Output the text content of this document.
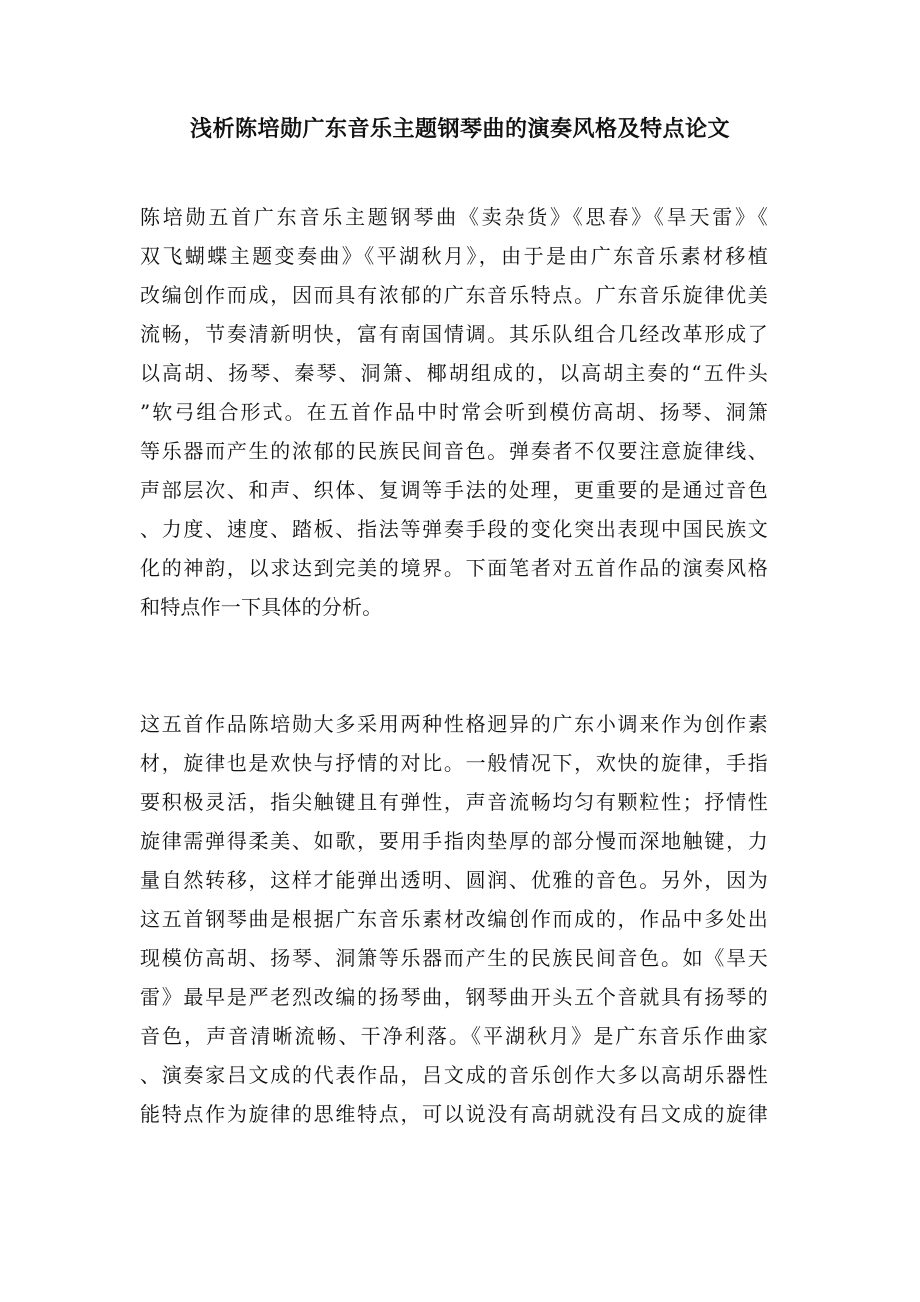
浅析陈培勋广东音乐主题钢琴曲的演奏风格及特点论文

陈培勋五首广东音乐主题钢琴曲《卖杂货》《思春》《旱天雷》《
双飞蝴蝶主题变奏曲》《平湖秋月》，由于是由广东音乐素材移植
改编创作而成，因而具有浓郁的广东音乐特点。广东音乐旋律优美
流畅，节奏清新明快，富有南国情调。其乐队组合几经改革形成了
以高胡、扬琴、秦琴、洞箫、椰胡组成的，以高胡主奏的“五件头
”软弓组合形式。在五首作品中时常会听到模仿高胡、扬琴、洞箫
等乐器而产生的浓郁的民族民间音色。弹奏者不仅要注意旋律线、
声部层次、和声、织体、复调等手法的处理，更重要的是通过音色
、力度、速度、踏板、指法等弹奏手段的变化突出表现中国民族文
化的神韵，以求达到完美的境界。下面笔者对五首作品的演奏风格
和特点作一下具体的分析。

这五首作品陈培勋大多采用两种性格迥异的广东小调来作为创作素
材，旋律也是欢快与抒情的对比。一般情况下，欢快的旋律，手指
要积极灵活，指尖触键且有弹性，声音流畅均匀有颗粒性；抒情性
旋律需弹得柔美、如歌，要用手指肉垫厚的部分慢而深地触键，力
量自然转移，这样才能弹出透明、圆润、优雅的音色。另外，因为
这五首钢琴曲是根据广东音乐素材改编创作而成的，作品中多处出
现模仿高胡、扬琴、洞箫等乐器而产生的民族民间音色。如《旱天
雷》最早是严老烈改编的扬琴曲，钢琴曲开头五个音就具有扬琴的
音色，声音清晰流畅、干净利落。《平湖秋月》是广东音乐作曲家
、演奏家吕文成的代表作品，吕文成的音乐创作大多以高胡乐器性
能特点作为旋律的思维特点，可以说没有高胡就没有吕文成的旋律
